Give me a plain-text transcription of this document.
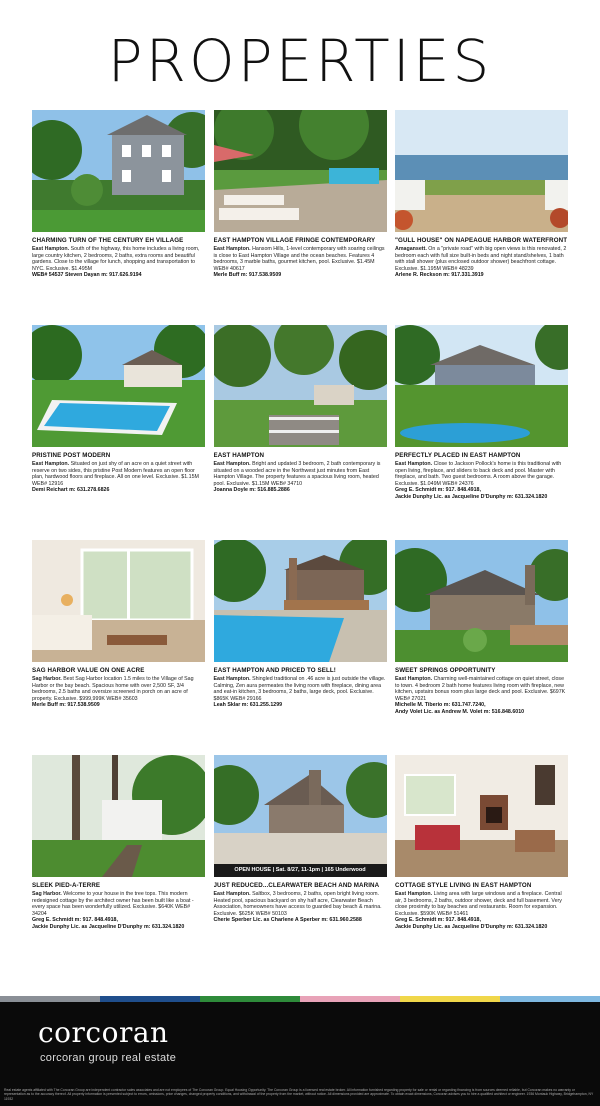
PROPERTIES
CHARMING TURN OF THE CENTURY EH VILLAGE
East Hampton. South of the highway, this home includes a living room, large country kitchen, 2 bedrooms, 2 baths, extra rooms and beautiful gardens. Close to the village for lunch, shopping and transportation to NYC. Exclusive. $1.495M
WEB# 54537 Steven Dayan m: 917.626.9194
EAST HAMPTON VILLAGE FRINGE CONTEMPORARY
East Hampton. Hansom Hills, 1-level contemporary with soaring ceilings is close to East Hampton Village and the ocean beaches. Features 4 bedrooms, 3 marble baths, gourmet kitchen, pool. Exclusive. $1.45M WEB# 40617
Merle Buff m: 917.538.9509
"GULL HOUSE" ON NAPEAGUE HARBOR WATERFRONT
Amagansett. On a "private road" with big open views is this renovated, 2 bedroom each with full size built-in beds and night stand/shelves, 1 bath with stall shower (plus enclosed outdoor shower) beachfront cottage. Exclusive. $1.195M WEB# 48239
Arlene R. Reckson m: 917.331.3919
PRISTINE POST MODERN
East Hampton. Situated on just shy of an acre on a quiet street with reserve on two sides, this pristine Post Modern features an open floor plan, hardwood floors and fireplace. All on one level. Exclusive. $1.15M WEB# 12916
Demi Reichart m: 631.278.6826
EAST HAMPTON
East Hampton. Bright and updated 3 bedroom, 2 bath contemporary is situated on a wooded acre in the Northwest just minutes from East Hampton Village. The property features a spacious living room, heated pool. Exclusive. $1.15M WEB# 34710
Joanna Doyle m: 516.885.2886
PERFECTLY PLACED IN EAST HAMPTON
East Hampton. Close to Jackson Pollock's home is this traditional with open living, fireplace, and sliders to back deck and pool. Master with fireplace, and bath. Two guest bedrooms. A room above the garage. Exclusive. $1.049M WEB# 24376
Greg E. Schmidt m: 917. 848.4918,
Jackie Dunphy Lic. as Jacqueline D'Dunphy m: 631.324.1820
SAG HARBOR VALUE ON ONE ACRE
Sag Harbor. Best Sag Harbor location 1.5 miles to the Village of Sag Harbor or the bay beach. Spacious home with over 2,500 SF, 3/4 bedrooms, 2.5 baths and oversize screened in porch on an acre of property. Exclusive. $999,999K WEB# 35603
Merle Buff m: 917.538.9509
EAST HAMPTON AND PRICED TO SELL!
East Hampton. Shingled traditional on .46 acre is just outside the village. Calming, Zen aura permeates the living room with fireplace, dining area and eat-in kitchen, 3 bedrooms, 2 baths, large deck, pool. Exclusive. $865K WEB# 29166
Leah Sklar m: 631.255.1299
SWEET SPRINGS OPPORTUNITY
East Hampton. Charming well-maintained cottage on quiet street, close to town. 4 bedroom 2 bath home features living room with fireplace, new kitchen, upstairs bonus room plus large deck and pool. Exclusive. $697K WEB# 27021
Michelle M. Tiberio m: 631.747.7240,
Andy Volet Lic. as Andrew M. Volet m: 516.848.6010
SLEEK PIED-A-TERRE
Sag Harbor. Welcome to your house in the tree tops. This modern redesigned cottage by the architect owner has been built like a boat - every space has been wonderfully utilized. Exclusive. $640K WEB# 34204
Greg E. Schmidt m: 917. 848.4918,
Jackie Dunphy Lic. as Jacqueline D'Dunphy m: 631.324.1820
OPEN HOUSE | Sat. 8/27, 11-1pm | 165 Underwood
JUST REDUCED...CLEARWATER BEACH AND MARINA
East Hampton. Saltbox, 3 bedrooms, 2 baths, open bright living room. Heated pool, spacious backyard on shy half acre, Clearwater Beach Association, homeowners have access to guarded bay beach & marina. Exclusive. $625K WEB# 50103
Cherie Sperber Lic. as Charlene A Sperber m: 631.960.2588
COTTAGE STYLE LIVING IN EAST HAMPTON
East Hampton. Living area with large windows and a fireplace. Central air, 3 bedrooms, 2 baths, outdoor shower, deck and full basement. Very close proximity to bay beaches and restaurants. Room for expansion. Exclusive. $590K WEB# 51461
Greg E. Schmidt m: 917. 848.4918,
Jackie Dunphy Lic. as Jacqueline D'Dunphy m: 631.324.1820
corcoran
corcoran group real estate
Real estate agents affiliated with The Corcoran Group are independent contractor sales associates and are not employees of The Corcoran Group. Equal Housing Opportunity. The Corcoran Group is a licensed real estate broker. All information furnished regarding property for sale or rental or regarding financing is from sources deemed reliable, but Corcoran makes no warranty or representation as to the accuracy thereof. All property information is presented subject to errors, omissions, price changes, changed property conditions, and withdrawal of the property from the market, without notice. All dimensions provided are approximate. To obtain exact dimensions, Corcoran advises you to hire a qualified architect or engineer. 1936 Montauk Highway, Bridgehampton, NY 11932
